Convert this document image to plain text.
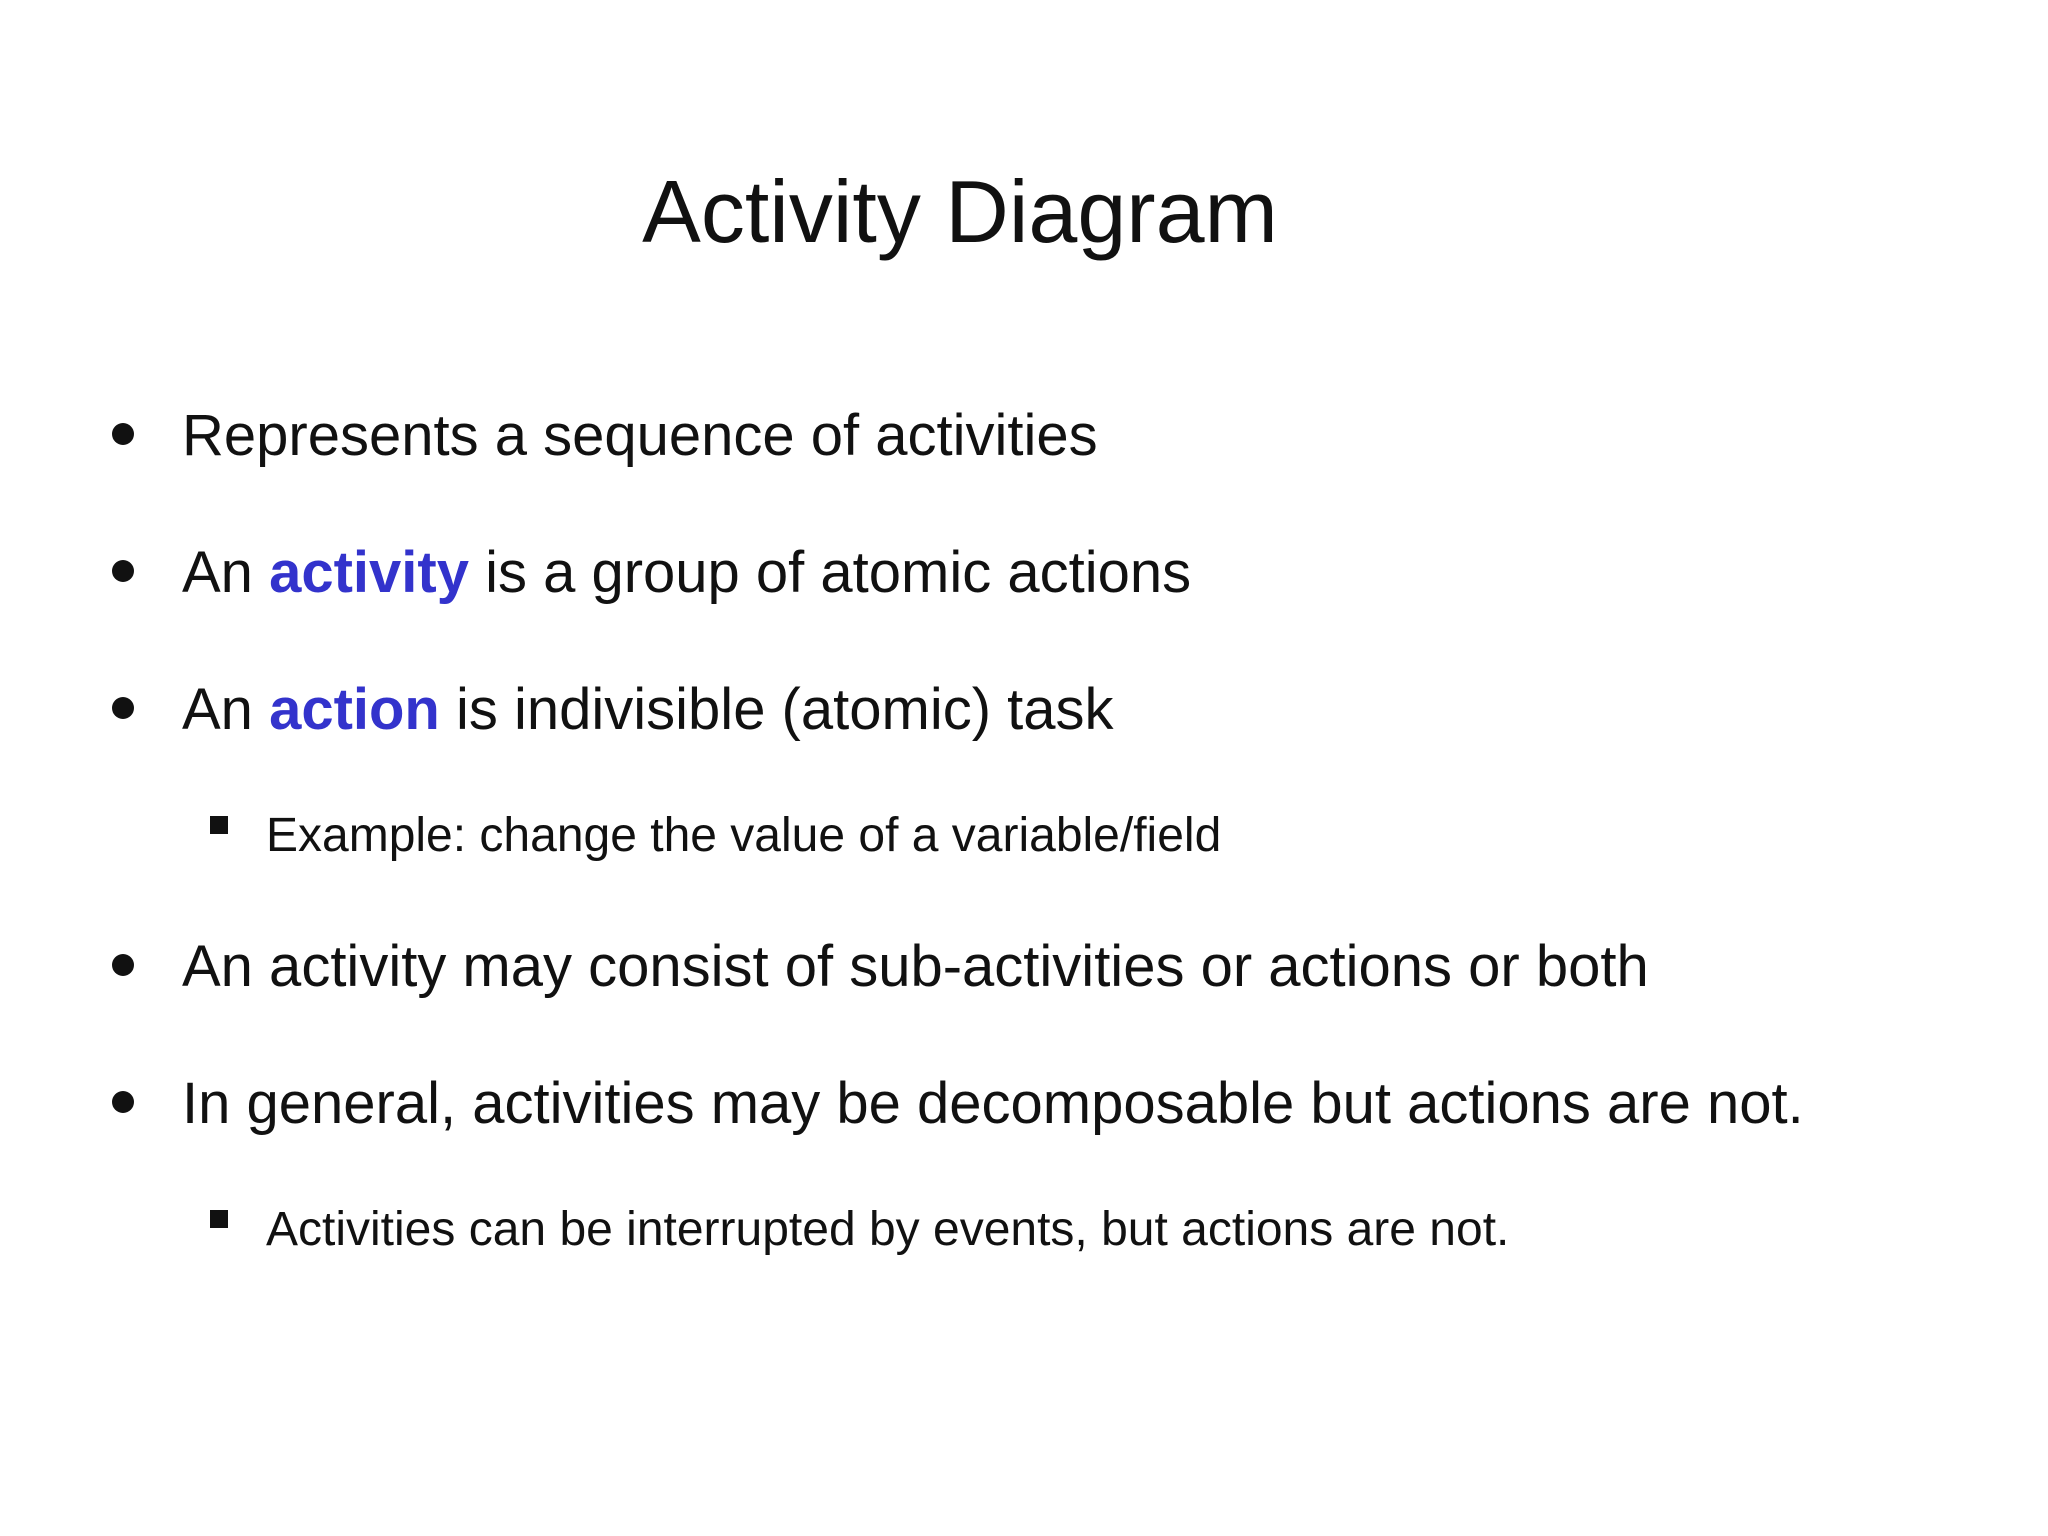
Activity Diagram
Represents a sequence of activities
An activity is a group of atomic actions
An action is indivisible (atomic) task
Example: change the value of a variable/field
An activity may consist of sub-activities or actions or both
In general, activities may be decomposable but actions are not.
Activities can be interrupted by events, but actions are not.
